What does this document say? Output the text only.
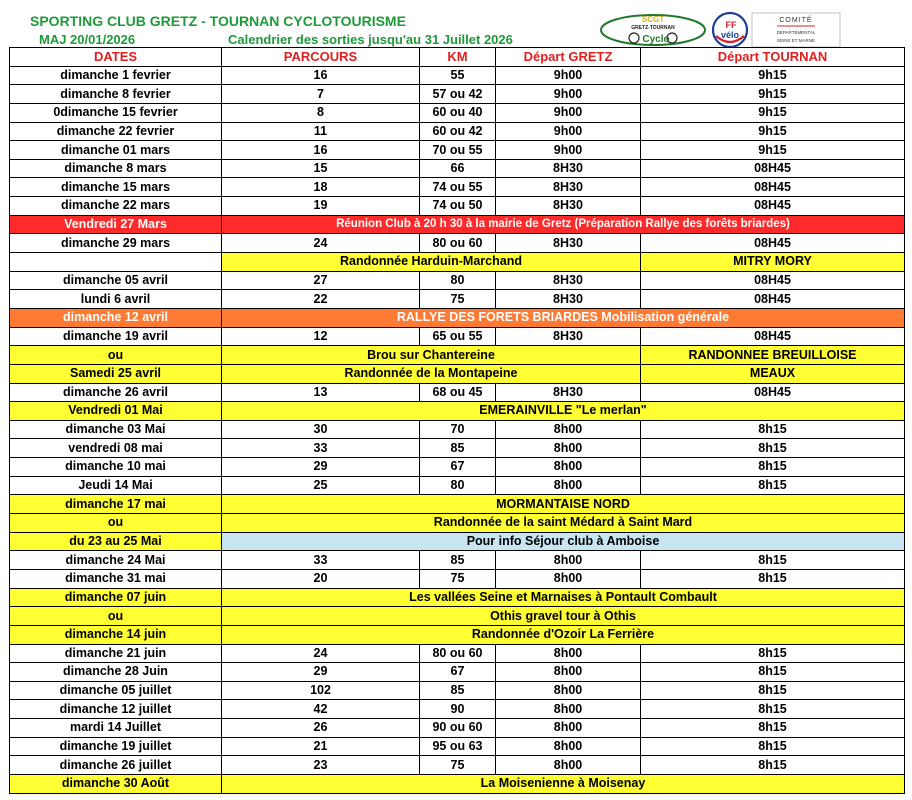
SPORTING CLUB GRETZ - TOURNAN CYCLOTOURISME
MAJ 20/01/2026	Calendrier des sorties jusqu'au 31 Juillet 2026
SCGT
GRETZ-TOURNAN
Cyclo
FF
vélo
COMITÉ
DÉPARTEMENTAL
SEINE ET MARNE
DATES	PARCOURS	KM	Départ GRETZ	Départ TOURNAN
dimanche 1 fevrier	16	55	9h00	9h15
dimanche 8 fevrier	7	57 ou 42	9h00	9h15
0dimanche 15 fevrier	8	60 ou 40	9h00	9h15
dimanche 22 fevrier	11	60 ou 42	9h00	9h15
dimanche 01 mars	16	70 ou 55	9h00	9h15
dimanche 8 mars	15	66	8H30	08H45
dimanche 15 mars	18	74 ou 55	8H30	08H45
dimanche 22 mars	19	74 ou 50	8H30	08H45
Vendredi 27 Mars	Réunion Club à 20 h 30 à la mairie de Gretz (Préparation Rallye des forêts briardes)			
dimanche 29 mars	24	80 ou 60	8H30	08H45
	Randonnée Harduin-Marchand			MITRY MORY
dimanche 05 avril	27	80	8H30	08H45
lundi 6 avril	22	75	8H30	08H45
dimanche 12 avril	RALLYE DES FORETS BRIARDES Mobilisation générale			
dimanche 19 avril	12	65 ou 55	8H30	08H45
ou	Brou sur Chantereine			RANDONNEE BREUILLOISE
Samedi 25 avril	Randonnée de la Montapeine			MEAUX
dimanche 26 avril	13	68 ou 45	8H30	08H45
Vendredi 01 Mai	EMERAINVILLE "Le merlan"			
dimanche 03 Mai	30	70	8h00	8h15
vendredi 08 mai	33	85	8h00	8h15
dimanche 10 mai	29	67	8h00	8h15
Jeudi 14 Mai	25	80	8h00	8h15
dimanche 17 mai	MORMANTAISE NORD			
ou	Randonnée de la saint Médard à Saint Mard			
du 23 au 25 Mai	Pour info Séjour club à Amboise			
dimanche 24 Mai	33	85	8h00	8h15
dimanche 31 mai	20	75	8h00	8h15
dimanche 07 juin	Les vallées Seine et Marnaises à Pontault Combault			
ou	Othis gravel tour à Othis			
dimanche 14 juin	Randonnée d'Ozoir La Ferrière			
dimanche 21 juin	24	80 ou 60	8h00	8h15
dimanche 28 Juin	29	67	8h00	8h15
dimanche 05 juillet	102	85	8h00	8h15
dimanche 12 juillet	42	90	8h00	8h15
mardi 14 Juillet	26	90 ou 60	8h00	8h15
dimanche 19 juillet	21	95 ou 63	8h00	8h15
dimanche 26 juillet	23	75	8h00	8h15
dimanche 30 Août	La Moisenienne à Moisenay			
